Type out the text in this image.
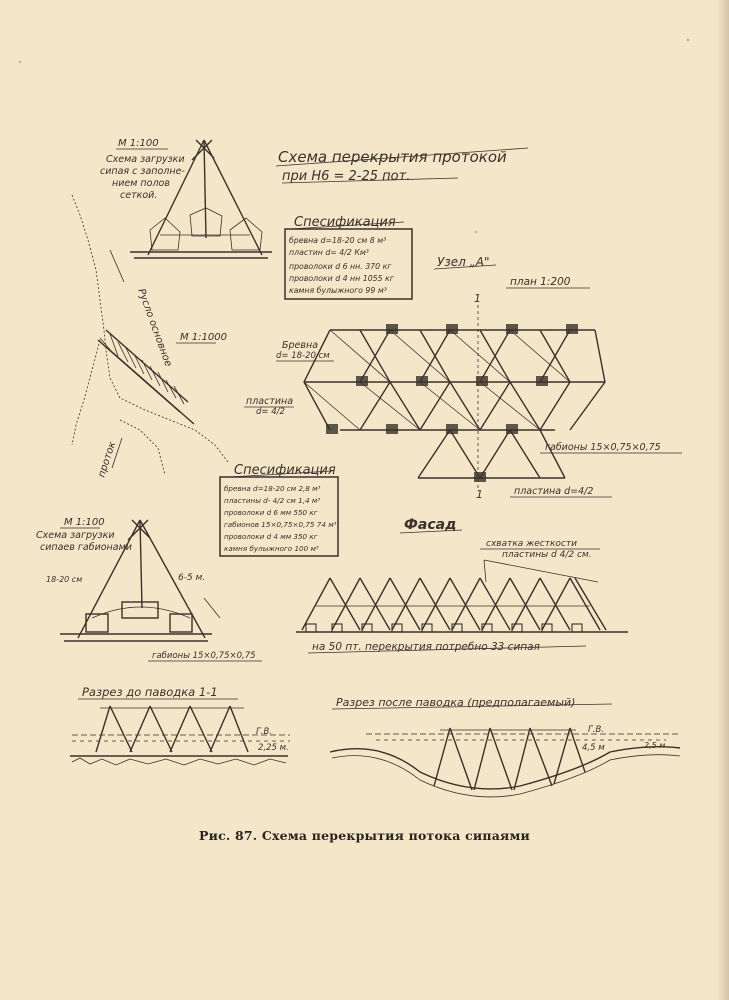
Схема перекрытия протокой
при Н6 = 2-25 пот.
М 1:100
Схема загрузки
сипая с заполне-
нием полов
сеткой.
М 1:1000
Русло основное
проток
Спесификация
бревна d=18-20 см 8 м³
пластин d= 4/2 Км³
проволоки d 6 нн. 370 кг
проволоки d 4 нн 1055 кг
камня булыжного 99 м³
Узел „А"
план 1:200
1
1
Бревна
d= 18-20 см
пластина
d= 4/2
габионы 15×0,75×0,75
пластина d=4/2
Спесификация
бревна d=18-20 см 2,8 м³
пластины d- 4/2 см 1,4 м³
проволоки d 6 мм 550 кг
габионов 15×0,75×0,75 74 м³
проволоки d 4 мм 350 кг
камня булыжного 100 м³
М 1:100
Схема загрузки
сипаев габионами
18-20 см	6-5 м.
габионы 15×0,75×0,75
Фасад
схватка жесткости
пластины d 4/2 см.
на 50 пт. перекрытия потребно 33 сипая
Разрез до паводка 1-1
Г.В.
2,25 м.
Разрез после паводка (предполагаемый)
Г.В.
4,5 м	2,5 м
Рис. 87. Схема перекрытия потока сипаями
